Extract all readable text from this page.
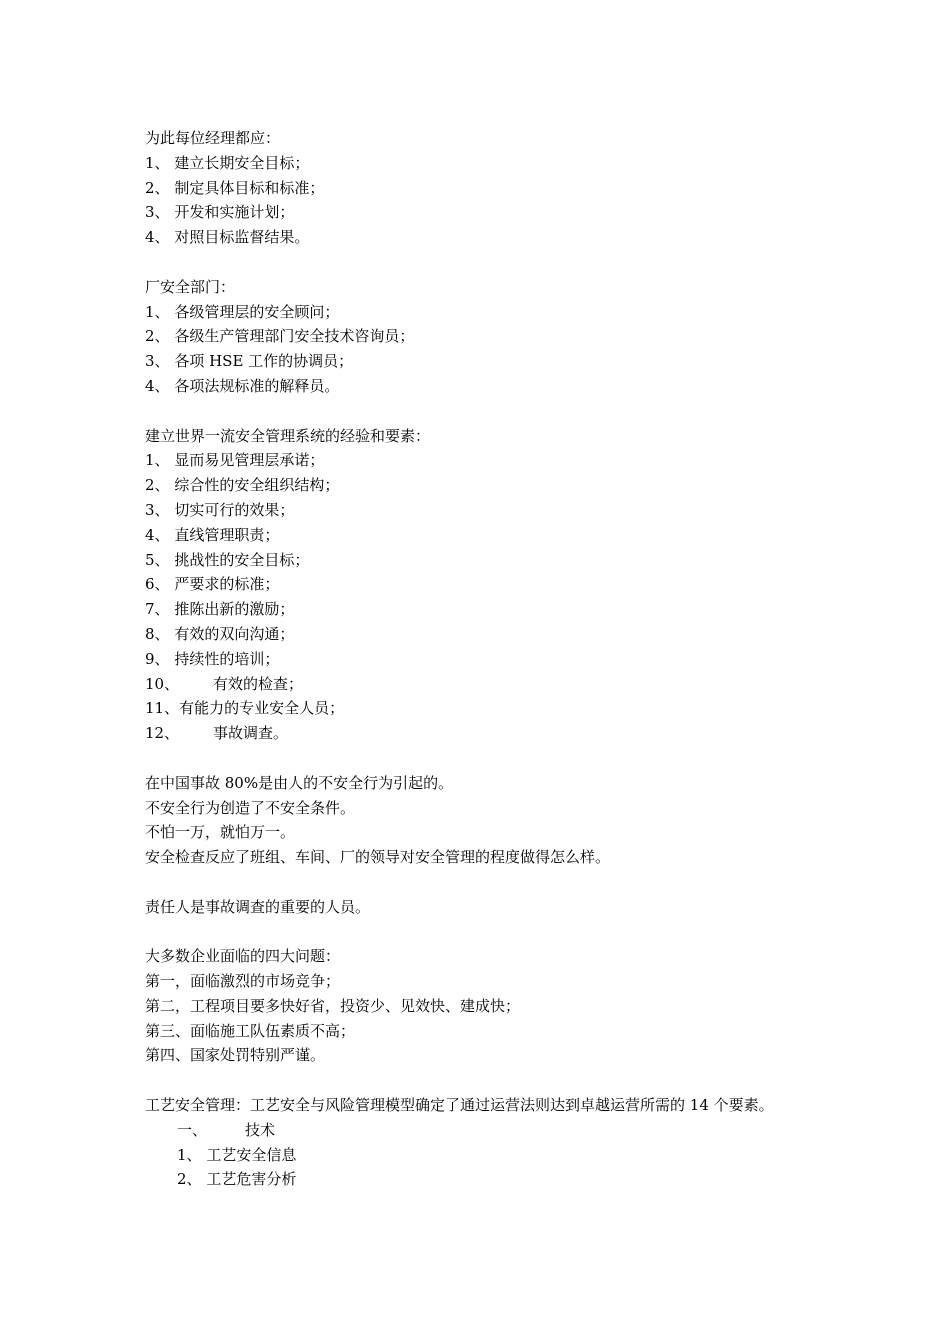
为此每位经理都应：
1、 建立长期安全目标；
2、 制定具体目标和标准；
3、 开发和实施计划；
4、 对照目标监督结果。
厂安全部门：
1、 各级管理层的安全顾问；
2、 各级生产管理部门安全技术咨询员；
3、 各项 HSE 工作的协调员；
4、 各项法规标准的解释员。
建立世界一流安全管理系统的经验和要素：
1、 显而易见管理层承诺；
2、 综合性的安全组织结构；
3、 切实可行的效果；
4、 直线管理职责；
5、 挑战性的安全目标；
6、 严要求的标准；
7、 推陈出新的激励；
8、 有效的双向沟通；
9、 持续性的培训；
10、 有效的检查；
11、有能力的专业安全人员；
12、 事故调查。
在中国事故 80%是由人的不安全行为引起的。
不安全行为创造了不安全条件。
不怕一万，就怕万一。
安全检查反应了班组、车间、厂的领导对安全管理的程度做得怎么样。
责任人是事故调查的重要的人员。
大多数企业面临的四大问题：
第一，面临激烈的市场竞争；
第二，工程项目要多快好省，投资少、见效快、建成快；
第三、面临施工队伍素质不高；
第四、国家处罚特别严谨。
工艺安全管理：工艺安全与风险管理模型确定了通过运营法则达到卓越运营所需的 14 个要素。
一、	技术
1、 工艺安全信息
2、 工艺危害分析
